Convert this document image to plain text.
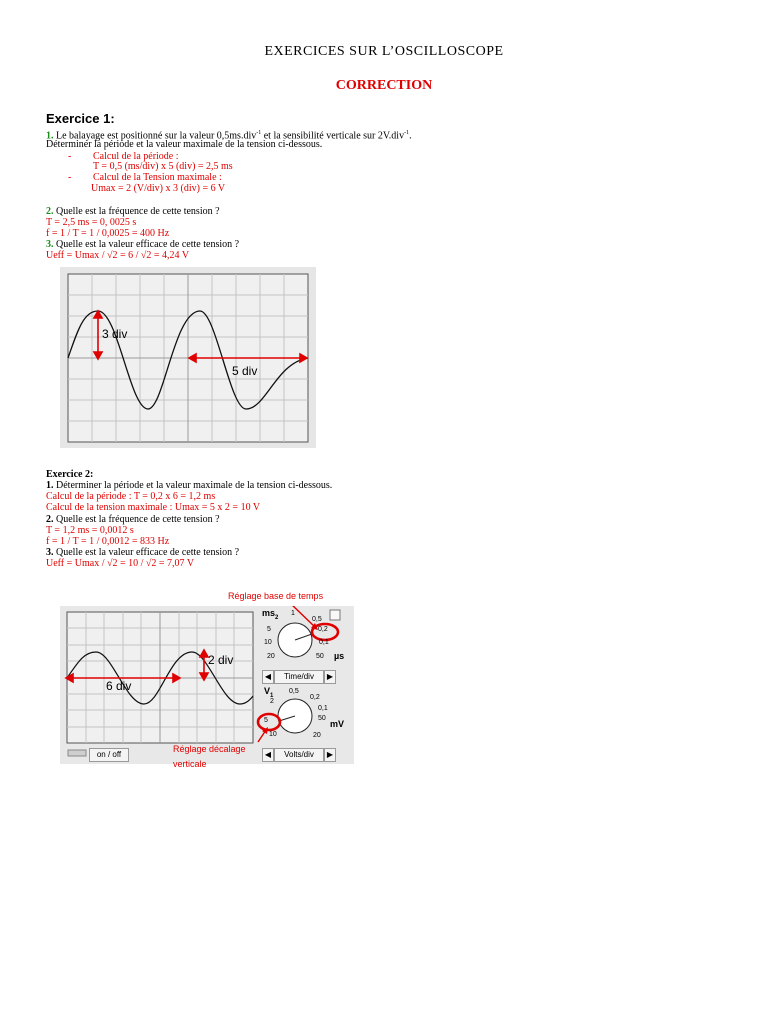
EXERCICES SUR L’OSCILLOSCOPE
CORRECTION
Exercice 1:
1. Le balayage est positionné sur la valeur 0,5ms.div$^{-1}$ et la sensibilité verticale sur 2V.div$^{-1}$.
Déterminer la période et la valeur maximale de la tension ci-dessous.
- Calcul de la période :
T = 0,5 (ms/div) x 5 (div) = 2,5 ms
- Calcul de la Tension maximale :
Umax = 2 (V/div) x 3 (div) = 6 V
2. Quelle est la fréquence de cette tension ?
T = 2,5 ms = 0, 0025 s
f = 1 / T = 1 / 0,0025 = 400 Hz
3. Quelle est la valeur efficace de cette tension ?
Ueff = Umax / √2 = 6 / √2 = 4,24 V
3 div
5 div
Exercice 2:
1. Déterminer la période et la valeur maximale de la tension ci-dessous.
Calcul de la période : T = 0,2 x 6 = 1,2 ms
Calcul de la tension maximale : Umax = 5 x 2 = 10 V
2. Quelle est la fréquence de cette tension ?
T = 1,2 ms = 0,0012 s
f = 1 / T = 1 / 0,0012 = 833 Hz
3. Quelle est la valeur efficace de cette tension ?
Ueff = Umax / √2 = 10 / √2 = 7,07 V
$ms_2$
1
0,5
5	0,2
10	0,1
20	50 µs
◀	Time/div	▶
$V_1$
2
0,5
0,2
5
0,1
10
50
mV
20
◀	Volts/div	▶
on / off
2 div
6 div
Réglage base de temps
Réglage décalage
verticale
